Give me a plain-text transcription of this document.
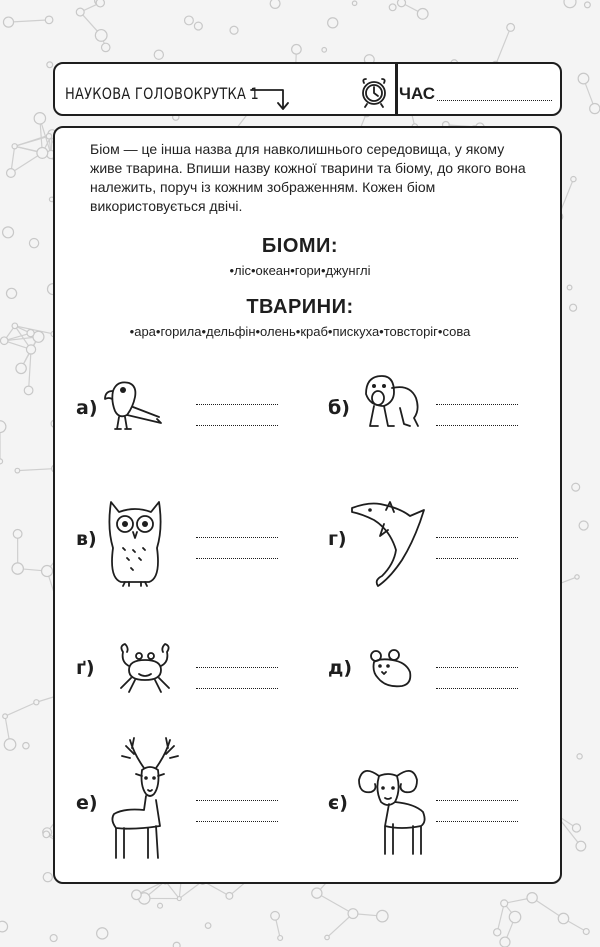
НАУКОВА ГОЛОВОКРУТКА 1	ЧАС
Біом — це інша назва для навколишнього середовища, у якому живе тварина. Впиши назву кожної тварини та біому, до якого вона належить, поруч із кожним зображенням. Кожен біом використовується двічі.
БІОМИ:
•ліс•океан•гори•джунглі
ТВАРИНИ:
•ара•горила•дельфін•олень•краб•пискуха•товсторіг•сова
а)	б)
в)	г)
ґ)	д)
е)	є)
